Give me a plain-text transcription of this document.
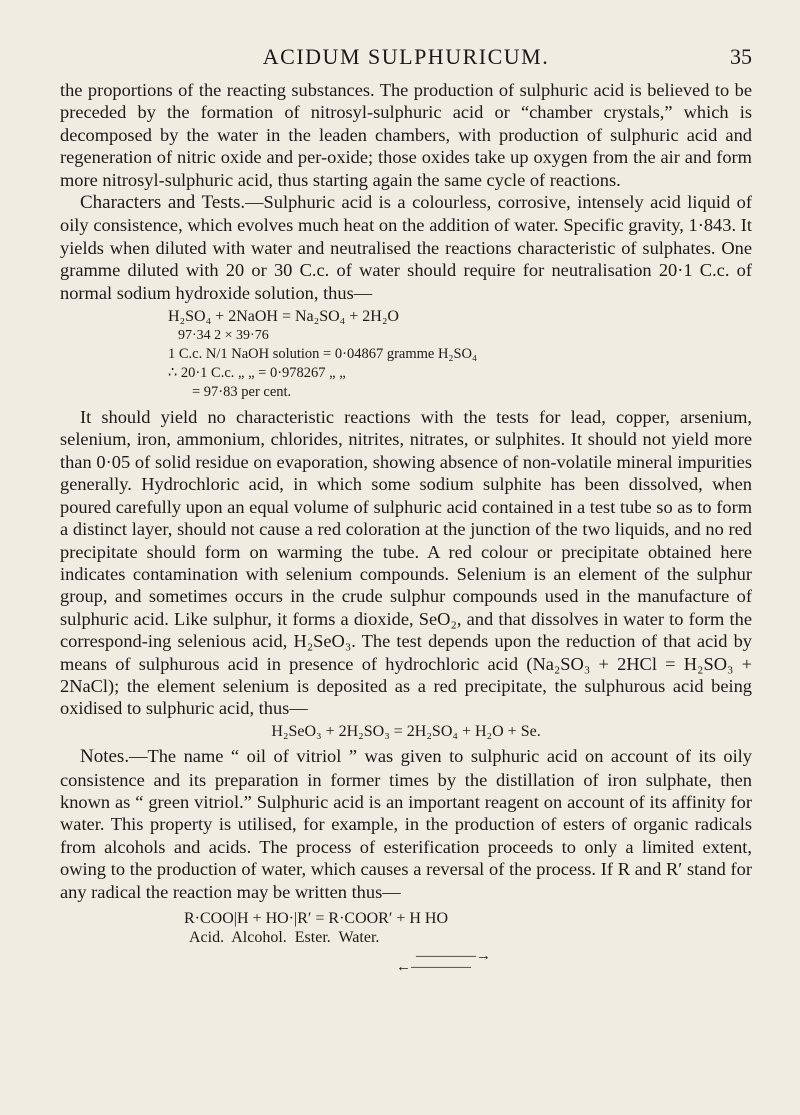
ACIDUM SULPHURICUM.	35

the proportions of the reacting substances. The production of sulphuric acid is believed to be preceded by the formation of nitrosyl-sulphuric acid or “chamber crystals,” which is decomposed by the water in the leaden chambers, with production of sulphuric acid and regeneration of nitric oxide and per-oxide; those oxides take up oxygen from the air and form more nitrosyl-sulphuric acid, thus starting again the same cycle of reactions.

Characters and Tests.—Sulphuric acid is a colourless, corrosive, intensely acid liquid of oily consistence, which evolves much heat on the addition of water. Specific gravity, 1·843. It yields when diluted with water and neutralised the reactions characteristic of sulphates. One gramme diluted with 20 or 30 C.c. of water should require for neutralisation 20·1 C.c. of normal sodium hydroxide solution, thus—

H₂SO₄ + 2NaOH = Na₂SO₄ + 2H₂O
97·34 2 × 39·76
1 C.c. N/1 NaOH solution = 0·04867 gramme H₂SO₄
∴ 20·1 C.c. „ „ = 0·978267 „ „
= 97·83 per cent.

It should yield no characteristic reactions with the tests for lead, copper, arsenium, selenium, iron, ammonium, chlorides, nitrites, nitrates, or sulphites. It should not yield more than 0·05 of solid residue on evaporation, showing absence of non-volatile mineral impurities generally. Hydrochloric acid, in which some sodium sulphite has been dissolved, when poured carefully upon an equal volume of sulphuric acid contained in a test tube so as to form a distinct layer, should not cause a red coloration at the junction of the two liquids, and no red precipitate should form on warming the tube. A red colour or precipitate obtained here indicates contamination with selenium compounds. Selenium is an element of the sulphur group, and sometimes occurs in the crude sulphur compounds used in the manufacture of sulphuric acid. Like sulphur, it forms a dioxide, SeO₂, and that dissolves in water to form the correspond-ing selenious acid, H₂SeO₃. The test depends upon the reduction of that acid by means of sulphurous acid in presence of hydrochloric acid (Na₂SO₃ + 2HCl = H₂SO₃ + 2NaCl); the element selenium is deposited as a red precipitate, the sulphurous acid being oxidised to sulphuric acid, thus—

H₂SeO₃ + 2H₂SO₃ = 2H₂SO₄ + H₂O + Se.

Notes.—The name “ oil of vitriol ” was given to sulphuric acid on account of its oily consistence and its preparation in former times by the distillation of iron sulphate, then known as “ green vitriol.” Sulphuric acid is an important reagent on account of its affinity for water. This property is utilised, for example, in the production of esters of organic radicals from alcohols and acids. The process of esterification proceeds to only a limited extent, owing to the production of water, which causes a reversal of the process. If R and R′ stand for any radical the reaction may be written thus—

R·COO|H + HO·|R′ = R·COOR′ + H HO
Acid. Alcohol. Ester. Water.
————→
←————
